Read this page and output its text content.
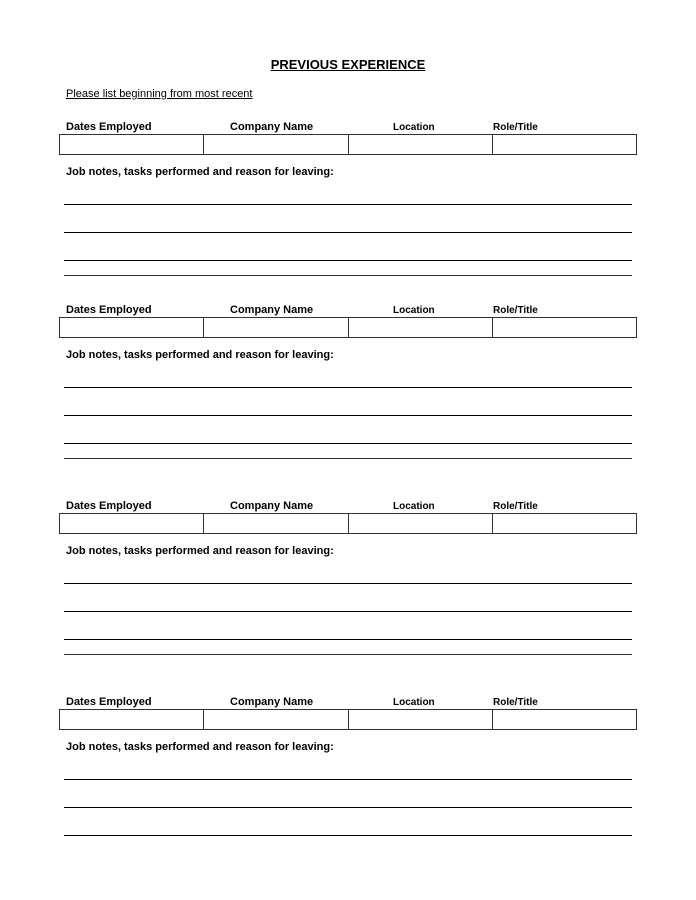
PREVIOUS EXPERIENCE
Please list beginning from most recent
Dates Employed	Company Name	Location	Role/Title
Job notes, tasks performed and reason for leaving:
Dates Employed	Company Name	Location	Role/Title
Job notes, tasks performed and reason for leaving:
Dates Employed	Company Name	Location	Role/Title
Job notes, tasks performed and reason for leaving:
Dates Employed	Company Name	Location	Role/Title
Job notes, tasks performed and reason for leaving:
